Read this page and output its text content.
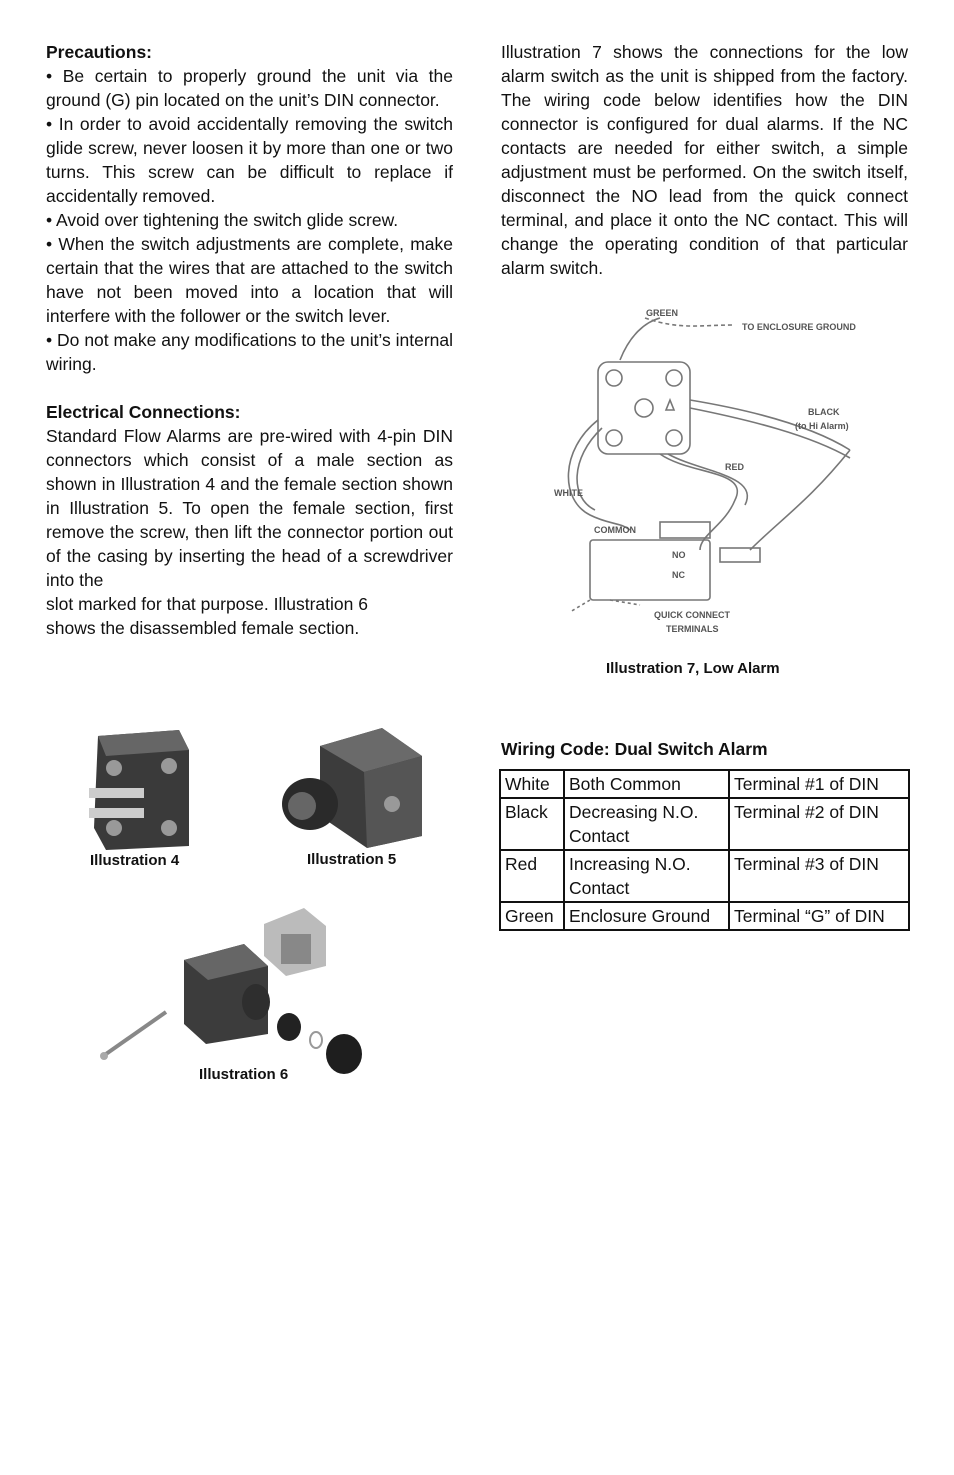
Precautions:

• Be certain to properly ground the unit via the ground (G) pin located on the unit’s DIN connector.

• In order to avoid accidentally removing the switch glide screw, never loosen it by more than one or two turns. This screw can be difficult to replace if accidentally removed.

• Avoid over tightening the switch glide screw.

• When the switch adjustments are complete, make certain that the wires that are attached to the switch have not been moved into a location that will interfere with the follower or the switch lever.

• Do not make any modifications to the unit’s internal wiring.

Electrical Connections:

Standard Flow Alarms are pre-wired with 4-pin DIN connectors which consist of a male section as shown in Illustration 4 and the female section shown in Illustration 5. To open the female section, first remove the screw, then lift the connector portion out of the casing by inserting the head of a screwdriver into the

slot marked for that purpose. Illustration 6 shows the disassembled female section.

Illustration 7 shows the connections for the low alarm switch as the unit is shipped from the factory. The wiring code below identifies how the DIN connector is configured for dual alarms. If the NC contacts are needed for either switch, a simple adjustment must be performed. On the switch itself, disconnect the NO lead from the quick connect terminal, and place it onto the NC contact. This will change the operating condition of that particular alarm switch.

GREEN
TO ENCLOSURE GROUND
BLACK
(to Hi Alarm)
RED
WHITE
COMMON
NO
NC
QUICK CONNECT
TERMINALS
Illustration 7, Low Alarm
Illustration 4	Illustration 5
Illustration 6
Wiring Code: Dual Switch Alarm
White	Both Common	Terminal #1 of DIN
Black	Decreasing N.O. Contact	Terminal #2 of DIN
Red	Increasing N.O. Contact	Terminal #3 of DIN
Green	Enclosure Ground	Terminal “G” of DIN
